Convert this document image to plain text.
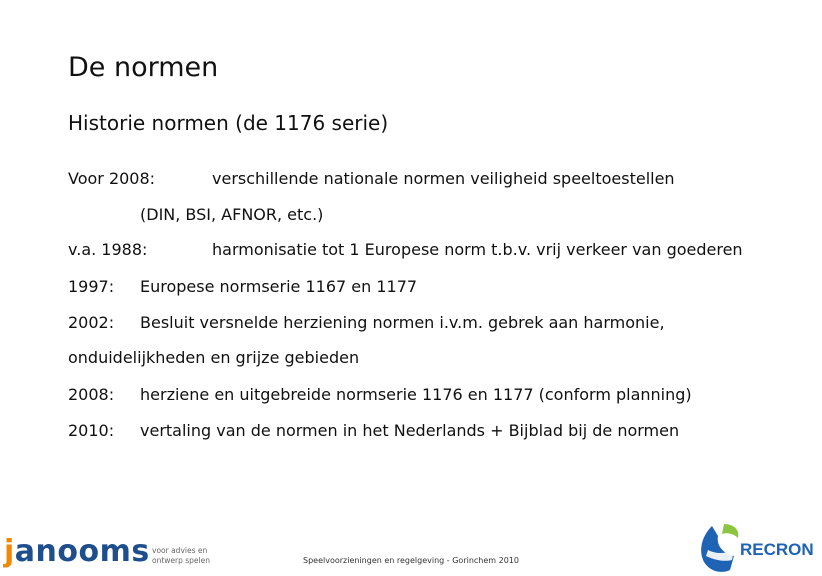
De normen
Historie normen (de 1176 serie)
Voor 2008:	verschillende nationale normen veiligheid speeltoestellen
(DIN, BSI, AFNOR, etc.)
v.a. 1988:	harmonisatie tot 1 Europese norm t.b.v. vrij verkeer van goederen
1997: Europese normserie 1167 en 1177
2002: Besluit versnelde herziening normen i.v.m. gebrek aan harmonie,
onduidelijkheden en grijze gebieden
2008: herziene en uitgebreide normserie 1176 en 1177 (conform planning)
2010: vertaling van de normen in het Nederlands + Bijblad bij de normen
janooms voor advies en ontwerp spelen	Speelvoorzieningen en regelgeving - Gorinchem 2010
RECRON
